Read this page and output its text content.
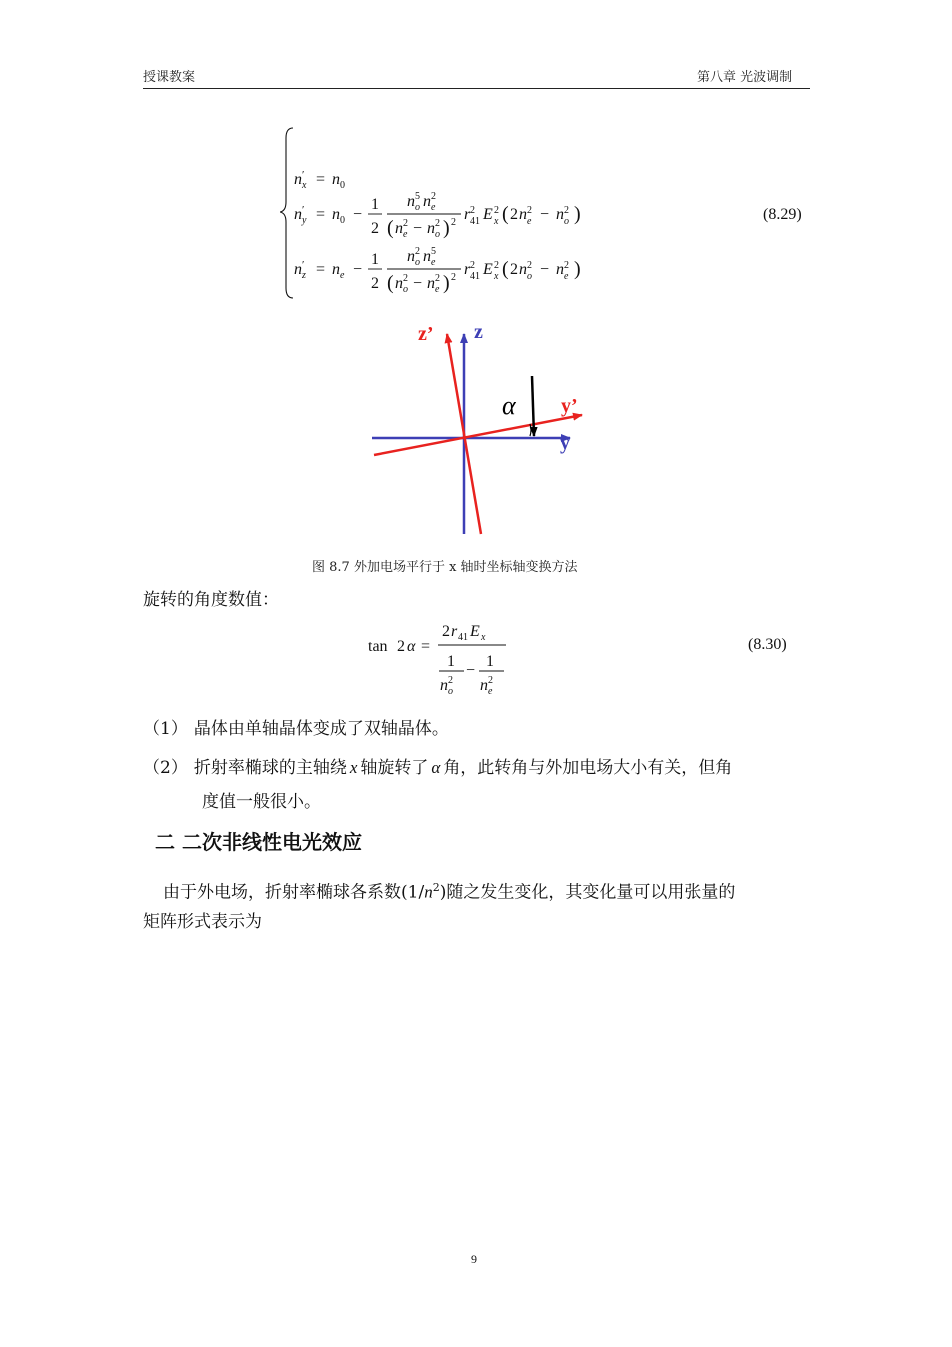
授课教案	第八章 光波调制
n ′
x = n 0
n ′
y = n 0 −
1
2
n 5
o n 2
e
( n 2
e − n 2
o ) 2 r 2
41 E 2
x ( 2 n 2
e − n 2
o )
n ′
z = n e −
1
2
n 2
o n 5
e
( n 2
o − n 2
e ) 2 r 2
41 E 2
x ( 2 n 2
o − n 2
e )
(8.29)
z’ z
y’
y
α
图 8.7 外加电场平行于 x 轴时坐标轴变换方法
旋转的角度数值：
tan 2 α =
2 r 41 E x
1
n 2
o
−
1
n 2
e
(8.30)
（1） 晶体由单轴晶体变成了双轴晶体。
（2） 折射率椭球的主轴绕 x 轴旋转了 α 角，此转角与外加电场大小有关，但角
度值一般很小。
二 二次非线性电光效应
由于外电场，折射率椭球各系数$(1/n^2)$随之发生变化，其变化量可以用张量的
矩阵形式表示为
9
